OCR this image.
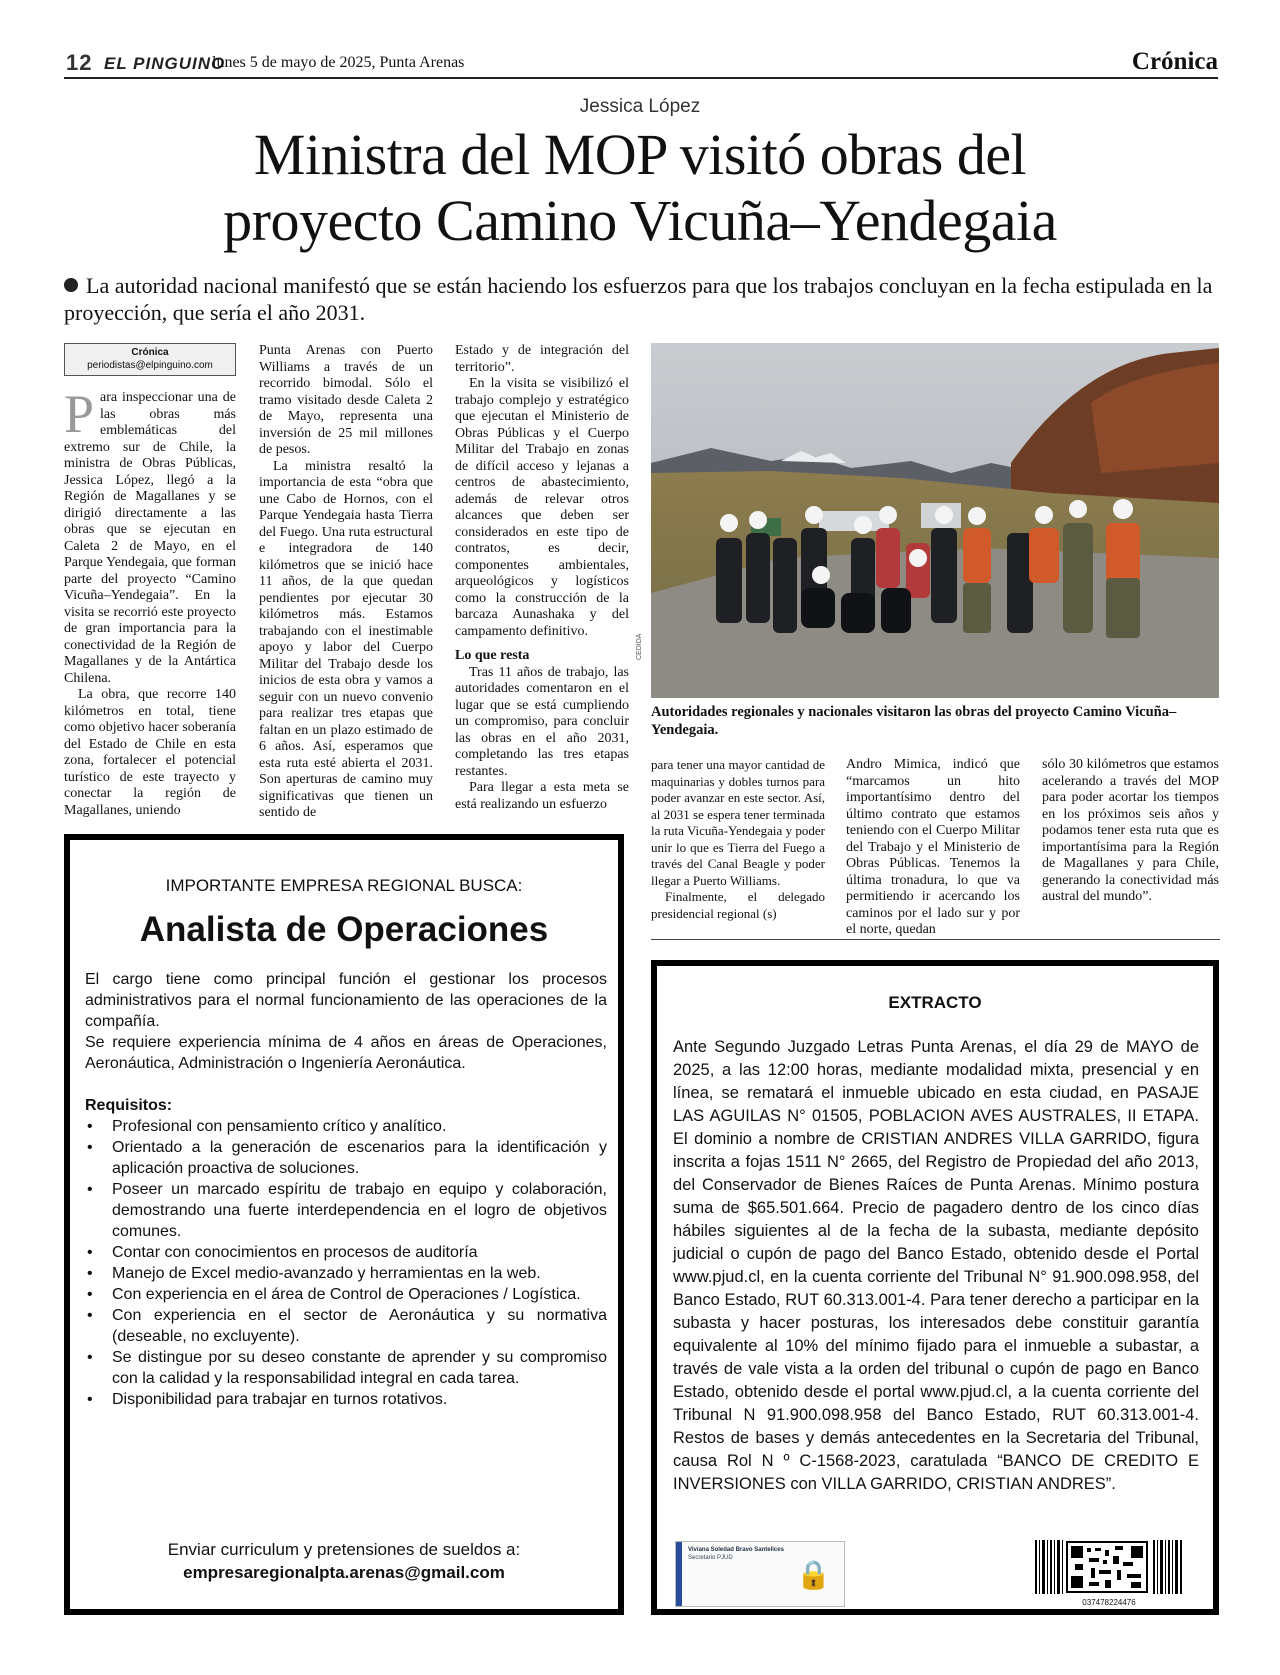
12 EL PINGUINO
lunes 5 de mayo de 2025, Punta Arenas	Crónica
Jessica López
Ministra del MOP visitó obras del
proyecto Camino Vicuña–Yendegaia
La autoridad nacional manifestó que se están haciendo los esfuerzos para que los trabajos concluyan en la fecha estipulada en la proyección, que sería el año 2031.
Crónica
periodistas@elpinguino.com

Para inspeccionar una de las obras más emblemáticas del extremo sur de Chile, la ministra de Obras Públicas, Jessica López, llegó a la Región de Magallanes y se dirigió directamente a las obras que se ejecutan en Caleta 2 de Mayo, en el Parque Yendegaia, que forman parte del proyecto “Camino Vicuña–Yendegaia”. En la visita se recorrió este proyecto de gran importancia para la conectividad de la Región de Magallanes y de la Antártica Chilena.

La obra, que recorre 140 kilómetros en total, tiene como objetivo hacer soberanía del Estado de Chile en esta zona, fortalecer el potencial turístico de este trayecto y conectar la región de Magallanes, uniendo

Punta Arenas con Puerto Williams a través de un recorrido bimodal. Sólo el tramo visitado desde Caleta 2 de Mayo, representa una inversión de 25 mil millones de pesos.

La ministra resaltó la importancia de esta “obra que une Cabo de Hornos, con el Parque Yendegaia hasta Tierra del Fuego. Una ruta estructural e integradora de 140 kilómetros que se inició hace 11 años, de la que quedan pendientes por ejecutar 30 kilómetros más. Estamos trabajando con el inestimable apoyo y labor del Cuerpo Militar del Trabajo desde los inicios de esta obra y vamos a seguir con un nuevo convenio para realizar tres etapas que faltan en un plazo estimado de 6 años. Así, esperamos que esta ruta esté abierta el 2031. Son aperturas de camino muy significativas que tienen un sentido de

Estado y de integración del territorio”.

En la visita se visibilizó el trabajo complejo y estratégico que ejecutan el Ministerio de Obras Públicas y el Cuerpo Militar del Trabajo en zonas de difícil acceso y lejanas a centros de abastecimiento, además de relevar otros alcances que deben ser considerados en este tipo de contratos, es decir, componentes ambientales, arqueológicos y logísticos como la construcción de la barcaza Aunashaka y del campamento definitivo.

Lo que resta

Tras 11 años de trabajo, las autoridades comentaron en el lugar que se está cumpliendo un compromiso, para concluir las obras en el año 2031, completando las tres etapas restantes.

Para llegar a esta meta se está realizando un esfuerzo

CEDIDA
Autoridades regionales y nacionales visitaron las obras del proyecto Camino Vicuña–Yendegaia.

para tener una mayor cantidad de maquinarias y dobles turnos para poder avanzar en este sector. Así, al 2031 se espera tener terminada la ruta Vicuña-Yendegaia y poder unir lo que es Tierra del Fuego a través del Canal Beagle y poder llegar a Puerto Williams.

Finalmente, el delegado presidencial regional (s)

Andro Mimica, indicó que “marcamos un hito importantísimo dentro del último contrato que estamos teniendo con el Cuerpo Militar del Trabajo y el Ministerio de Obras Públicas. Tenemos la última tronadura, lo que va permitiendo ir acercando los caminos por el lado sur y por el norte, quedan

sólo 30 kilómetros que estamos acelerando a través del MOP para poder acortar los tiempos en los próximos seis años y podamos tener esta ruta que es importantísima para la Región de Magallanes y para Chile, generando la conectividad más austral del mundo”.

IMPORTANTE EMPRESA REGIONAL BUSCA:
Analista de Operaciones
El cargo tiene como principal función el gestionar los procesos administrativos para el normal funcionamiento de las operaciones de la compañía.
Se requiere experiencia mínima de 4 años en áreas de Operaciones, Aeronáutica, Administración o Ingeniería Aeronáutica.
Requisitos:
• Profesional con pensamiento crítico y analítico.
• Orientado a la generación de escenarios para la identificación y aplicación proactiva de soluciones.
• Poseer un marcado espíritu de trabajo en equipo y colaboración, demostrando una fuerte interdependencia en el logro de objetivos comunes.
• Contar con conocimientos en procesos de auditoría
• Manejo de Excel medio-avanzado y herramientas en la web.
• Con experiencia en el área de Control de Operaciones / Logística.
• Con experiencia en el sector de Aeronáutica y su normativa (deseable, no excluyente).
• Se distingue por su deseo constante de aprender y su compromiso con la calidad y la responsabilidad integral en cada tarea.
• Disponibilidad para trabajar en turnos rotativos.
Enviar curriculum y pretensiones de sueldos a:
empresaregionalpta.arenas@gmail.com
EXTRACTO
Ante Segundo Juzgado Letras Punta Arenas, el día 29 de MAYO de 2025, a las 12:00 horas, mediante modalidad mixta, presencial y en línea, se rematará el inmueble ubicado en esta ciudad, en PASAJE LAS AGUILAS N° 01505, POBLACION AVES AUSTRALES, II ETAPA. El dominio a nombre de CRISTIAN ANDRES VILLA GARRIDO, figura inscrita a fojas 1511 N° 2665, del Registro de Propiedad del año 2013, del Conservador de Bienes Raíces de Punta Arenas. Mínimo postura suma de $65.501.664. Precio de pagadero dentro de los cinco días hábiles siguientes al de la fecha de la subasta, mediante depósito judicial o cupón de pago del Banco Estado, obtenido desde el Portal www.pjud.cl, en la cuenta corriente del Tribunal N° 91.900.098.958, del Banco Estado, RUT 60.313.001-4. Para tener derecho a participar en la subasta y hacer posturas, los interesados debe constituir garantía equivalente al 10% del mínimo fijado para el inmueble a subastar, a través de vale vista a la orden del tribunal o cupón de pago en Banco Estado, obtenido desde el portal www.pjud.cl, a la cuenta corriente del Tribunal N 91.900.098.958 del Banco Estado, RUT 60.313.001-4. Restos de bases y demás antecedentes en la Secretaria del Tribunal, causa Rol N º C-1568-2023, caratulada “BANCO DE CREDITO E INVERSIONES con VILLA GARRIDO, CRISTIAN ANDRES”.
Viviana Soledad Bravo Santelices
Secretario PJUD
🔒
037478224476
